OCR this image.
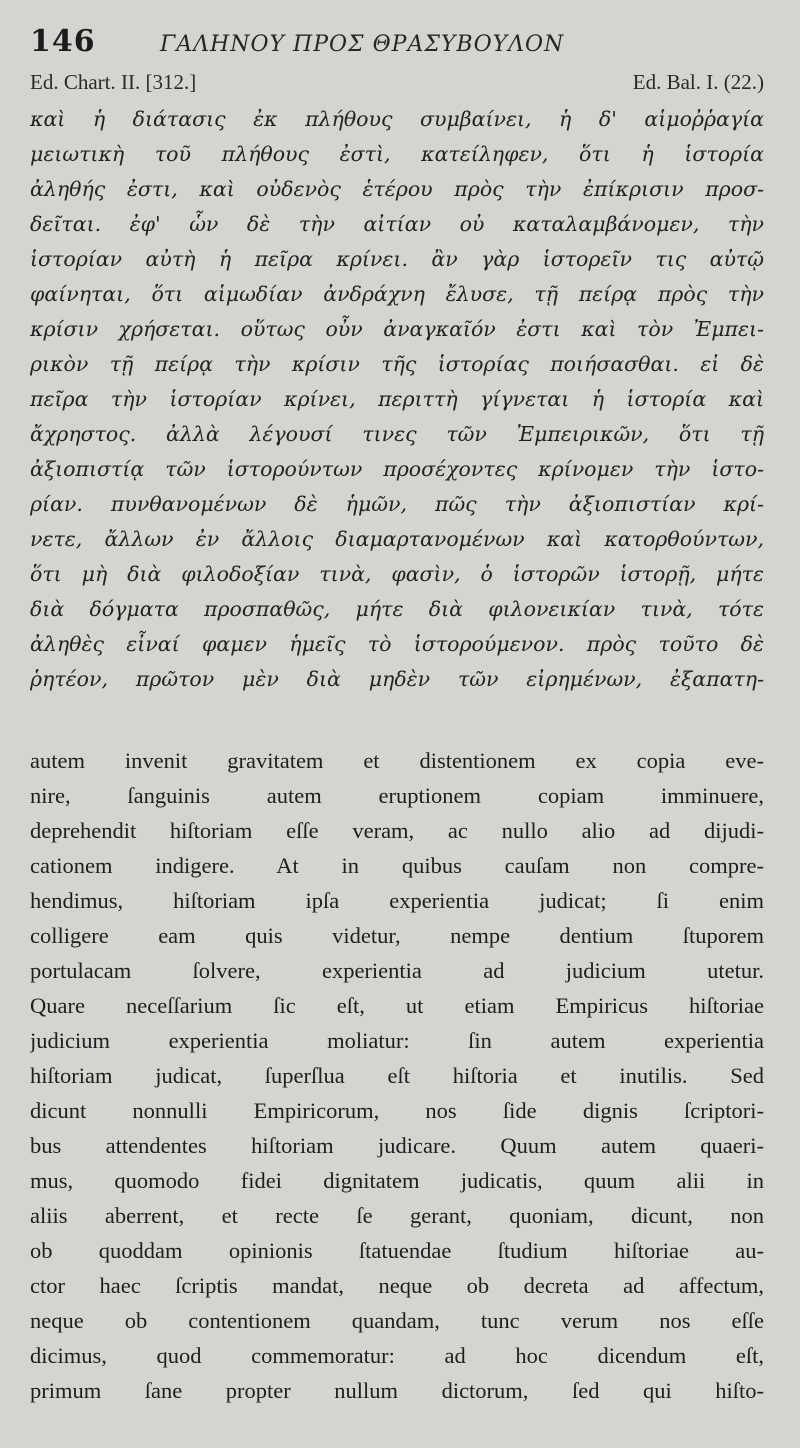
146	ΓΑΛΗΝΟΥ ΠΡΟΣ ΘΡΑΣΥΒΟΥΛΟΝ
Ed. Chart. II. [312.]	Ed. Bal. I. (22.)
καὶ ἡ διάτασις ἐκ πλήθους συμβαίνει, ἡ δ' αἱμοῤῥαγία
μειωτικὴ τοῦ πλήθους ἐστὶ, κατείληφεν, ὅτι ἡ ἱστορία
ἀληθής ἐστι, καὶ οὐδενὸς ἑτέρου πρὸς τὴν ἐπίκρισιν προσ-
δεῖται. ἐφ' ὧν δὲ τὴν αἰτίαν οὐ καταλαμβάνομεν, τὴν
ἱστορίαν αὐτὴ ἡ πεῖρα κρίνει. ἂν γὰρ ἱστορεῖν τις αὐτῷ
φαίνηται, ὅτι αἱμωδίαν ἀνδράχνη ἔλυσε, τῇ πείρᾳ πρὸς τὴν
κρίσιν χρήσεται. οὕτως οὖν ἀναγκαῖόν ἐστι καὶ τὸν Ἐμπει-
ρικὸν τῇ πείρᾳ τὴν κρίσιν τῆς ἱστορίας ποιήσασθαι. εἰ δὲ
πεῖρα τὴν ἱστορίαν κρίνει, περιττὴ γίγνεται ἡ ἱστορία καὶ
ἄχρηστος. ἀλλὰ λέγουσί τινες τῶν Ἐμπειρικῶν, ὅτι τῇ
ἀξιοπιστίᾳ τῶν ἱστορούντων προσέχοντες κρίνομεν τὴν ἱστο-
ρίαν. πυνθανομένων δὲ ἡμῶν, πῶς τὴν ἀξιοπιστίαν κρί-
νετε, ἄλλων ἐν ἄλλοις διαμαρτανομένων καὶ κατορθούντων,
ὅτι μὴ διὰ φιλοδοξίαν τινὰ, φασὶν, ὁ ἱστορῶν ἱστορῇ, μήτε
διὰ δόγματα προσπαθῶς, μήτε διὰ φιλονεικίαν τινὰ, τότε
ἀληθὲς εἶναί φαμεν ἡμεῖς τὸ ἱστορούμενον. πρὸς τοῦτο δὲ
ῥητέον, πρῶτον μὲν διὰ μηδὲν τῶν εἰρημένων, ἐξαπατη-
autem invenit gravitatem et distentionem ex copia eve-
nire, ſanguinis autem eruptionem copiam imminuere,
deprehendit hiſtoriam eſſe veram, ac nullo alio ad dijudi-
cationem indigere. At in quibus cauſam non compre-
hendimus, hiſtoriam ipſa experientia judicat; ſi enim
colligere eam quis videtur, nempe dentium ſtuporem
portulacam ſolvere, experientia ad judicium utetur.
Quare neceſſarium ſic eſt, ut etiam Empiricus hiſtoriae
judicium experientia moliatur: ſin autem experientia
hiſtoriam judicat, ſuperſlua eſt hiſtoria et inutilis. Sed
dicunt nonnulli Empiricorum, nos ſide dignis ſcriptori-
bus attendentes hiſtoriam judicare. Quum autem quaeri-
mus, quomodo fidei dignitatem judicatis, quum alii in
aliis aberrent, et recte ſe gerant, quoniam, dicunt, non
ob quoddam opinionis ſtatuendae ſtudium hiſtoriae au-
ctor haec ſcriptis mandat, neque ob decreta ad affectum,
neque ob contentionem quandam, tunc verum nos eſſe
dicimus, quod commemoratur: ad hoc dicendum eſt,
primum ſane propter nullum dictorum, ſed qui hiſto-
